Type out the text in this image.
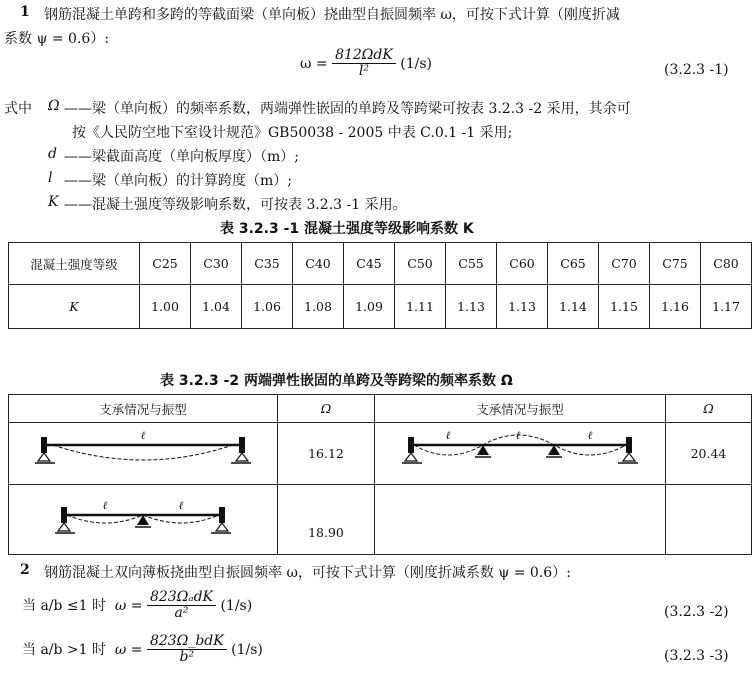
1 钢筋混凝土单跨和多跨的等截面梁（单向板）挠曲型自振圆频率 ω，可按下式计算（刚度折减
系数 ψ = 0.6）:
$\omega = \frac{\text{812ΩdK}}{\text{l²}} (1/s)$	(3.2.3 -1)
式中 Ω ——梁（单向板）的频率系数，两端弹性嵌固的单跨及等跨梁可按表 3.2.3 -2 采用，其余可
按《人民防空地下室设计规范》GB50038 - 2005 中表 C.0.1 -1 采用;
d ——梁截面高度（单向板厚度）（m）;
l ——梁（单向板）的计算跨度（m）;
K ——混凝土强度等级影响系数，可按表 3.2.3 -1 采用。
表 3.2.3 -1 混凝土强度等级影响系数 K
混凝土强度等级	C25	C30	C35	C40	C45	C50	C55	C60	C65	C70	C75	C80
K	1.00	1.04	1.06	1.08	1.09	1.11	1.13	1.13	1.14	1.15	1.16	1.17
表 3.2.3 -2 两端弹性嵌固的单跨及等跨梁的频率系数 Ω
支承情况与振型	Ω	支承情况与振型	Ω

ℓ	16.12	ℓ ℓ ℓ	20.44

ℓ ℓ	18.90		
2 钢筋混凝土双向薄板挠曲型自振圆频率 ω，可按下式计算（刚度折减系数 ψ = 0.6）:
当 a/b ≤1 时 $\omega = \frac{\text{823ΩₐdK}}{\text{a²}} (1/s)$	(3.2.3 -2)
当 a/b >1 时 $\omega = \frac{\text{823Ω\_bdK}}{\text{b²}} (1/s)$	(3.2.3 -3)
